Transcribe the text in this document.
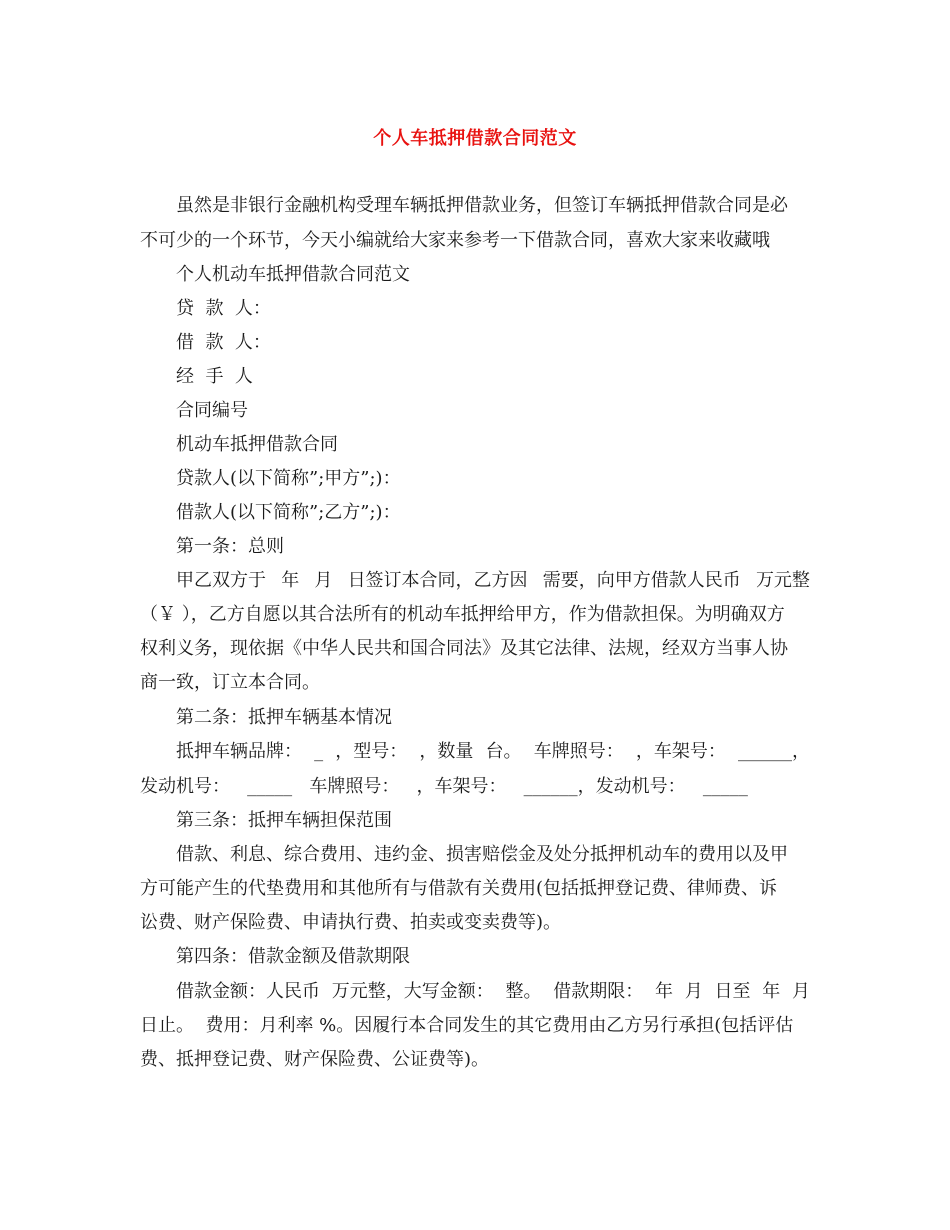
个人车抵押借款合同范文
虽然是非银行金融机构受理车辆抵押借款业务，但签订车辆抵押借款合同是必
不可少的一个环节，今天小编就给大家来参考一下借款合同，喜欢大家来收藏哦
个人机动车抵押借款合同范文
贷  款  人：
借  款  人：
经  手  人
合同编号
机动车抵押借款合同
贷款人(以下简称”;甲方”;)：
借款人(以下简称”;乙方”;)：
第一条：总则
甲乙双方于 年 月 日签订本合同，乙方因 需要，向甲方借款人民币 万元整
（￥ ），乙方自愿以其合法所有的机动车抵押给甲方，作为借款担保。为明确双方
权利义务，现依据《中华人民共和国合同法》及其它法律、法规，经双方当事人协
商一致，订立本合同。
第二条：抵押车辆基本情况
抵押车辆品牌： _ ，型号： ，数量 台。 车牌照号： ，车架号： ______，
发动机号：   _____   车牌照号：   ，车架号：   ______，发动机号：   _____
第三条：抵押车辆担保范围
借款、利息、综合费用、违约金、损害赔偿金及处分抵押机动车的费用以及甲
方可能产生的代垫费用和其他所有与借款有关费用(包括抵押登记费、律师费、诉
讼费、财产保险费、申请执行费、拍卖或变卖费等)。
第四条：借款金额及借款期限
借款金额：人民币 万元整，大写金额： 整。 借款期限： 年 月 日至 年 月
日止。  费用：月利率 %。因履行本合同发生的其它费用由乙方另行承担(包括评估
费、抵押登记费、财产保险费、公证费等)。
